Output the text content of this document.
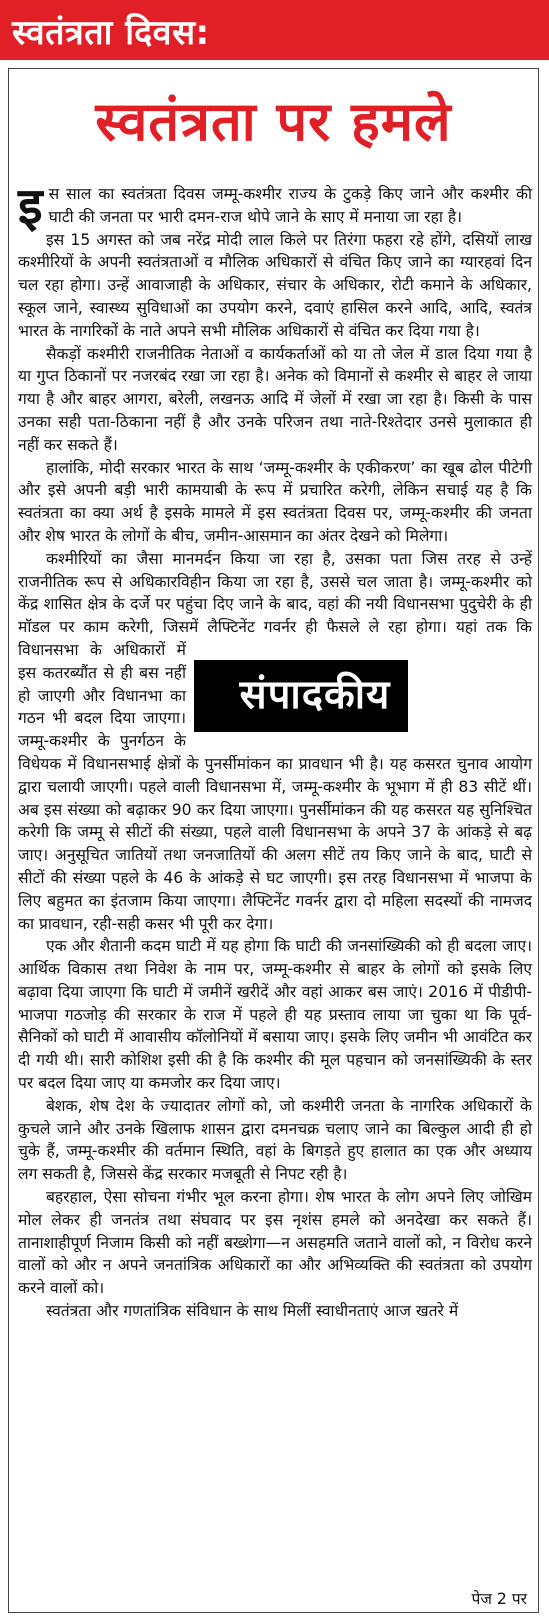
स्वतंत्रता दिवस:
स्वतंत्रता पर हमले

इस साल का स्वतंत्रता दिवस जम्मू-कश्मीर राज्य के टुकड़े किए जाने और कश्मीर की घाटी की जनता पर भारी दमन-राज थोपे जाने के साए में मनाया जा रहा है।

इस 15 अगस्त को जब नरेंद्र मोदी लाल किले पर तिरंगा फहरा रहे होंगे, दसियों लाख कश्मीरियों के अपनी स्वतंत्रताओं व मौलिक अधिकारों से वंचित किए जाने का ग्यारहवां दिन चल रहा होगा। उन्हें आवाजाही के अधिकार, संचार के अधिकार, रोटी कमाने के अधिकार, स्कूल जाने, स्वास्थ्य सुविधाओं का उपयोग करने, दवाएं हासिल करने आदि, आदि, स्वतंत्र भारत के नागरिकों के नाते अपने सभी मौलिक अधिकारों से वंचित कर दिया गया है।

सैकड़ों कश्मीरी राजनीतिक नेताओं व कार्यकर्ताओं को या तो जेल में डाल दिया गया है या गुप्त ठिकानों पर नजरबंद रखा जा रहा है। अनेक को विमानों से कश्मीर से बाहर ले जाया गया है और बाहर आगरा, बरेली, लखनऊ आदि में जेलों में रखा जा रहा है। किसी के पास उनका सही पता-ठिकाना नहीं है और उनके परिजन तथा नाते-रिश्तेदार उनसे मुलाकात ही नहीं कर सकते हैं।

हालांकि, मोदी सरकार भारत के साथ ‘जम्मू-कश्मीर के एकीकरण’ का खूब ढोल पीटेगी और इसे अपनी बड़ी भारी कामयाबी के रूप में प्रचारित करेगी, लेकिन सचाई यह है कि स्वतंत्रता का क्या अर्थ है इसके मामले में इस स्वतंत्रता दिवस पर, जम्मू-कश्मीर की जनता और शेष भारत के लोगों के बीच, जमीन-आसमान का अंतर देखने को मिलेगा।

संपादकीय
कश्मीरियों का जैसा मानमर्दन किया जा रहा है, उसका पता जिस तरह से उन्हें राजनीतिक रूप से अधिकारविहीन किया जा रहा है, उससे चल जाता है। जम्मू-कश्मीर को केंद्र शासित क्षेत्र के दर्जे पर पहुंचा दिए जाने के बाद, वहां की नयी विधानसभा पुदुचेरी के ही मॉडल पर काम करेगी, जिसमें लैफ्टिनेंट गवर्नर ही फैसले ले रहा होगा। यहां तक कि विधानसभा के अधिकारों में इस कतरब्यौंत से ही बस नहीं हो जाएगी और विधानभा का गठन भी बदल दिया जाएगा। जम्मू-कश्मीर के पुनर्गठन के विधेयक में विधानसभाई क्षेत्रों के पुनर्सीमांकन का प्रावधान भी है। यह कसरत चुनाव आयोग द्वारा चलायी जाएगी। पहले वाली विधानसभा में, जम्मू-कश्मीर के भूभाग में ही 83 सीटें थीं। अब इस संख्या को बढ़ाकर 90 कर दिया जाएगा। पुनर्सीमांकन की यह कसरत यह सुनिश्चित करेगी कि जम्मू से सीटों की संख्या, पहले वाली विधानसभा के अपने 37 के आंकड़े से बढ़ जाए। अनुसूचित जातियों तथा जनजातियों की अलग सीटें तय किए जाने के बाद, घाटी से सीटों की संख्या पहले के 46 के आंकड़े से घट जाएगी। इस तरह विधानसभा में भाजपा के लिए बहुमत का इंतजाम किया जाएगा। लैफ्टिनेंट गवर्नर द्वारा दो महिला सदस्यों की नामजद का प्रावधान, रही-सही कसर भी पूरी कर देगा।

एक और शैतानी कदम घाटी में यह होगा कि घाटी की जनसांख्यिकी को ही बदला जाए। आर्थिक विकास तथा निवेश के नाम पर, जम्मू-कश्मीर से बाहर के लोगों को इसके लिए बढ़ावा दिया जाएगा कि घाटी में जमीनें खरीदें और वहां आकर बस जाएं। 2016 में पीडीपी-भाजपा गठजोड़ की सरकार के राज में पहले ही यह प्रस्ताव लाया जा चुका था कि पूर्व-सैनिकों को घाटी में आवासीय कॉलोनियों में बसाया जाए। इसके लिए जमीन भी आवंटित कर दी गयी थी। सारी कोशिश इसी की है कि कश्मीर की मूल पहचान को जनसांख्यिकी के स्तर पर बदल दिया जाए या कमजोर कर दिया जाए।

बेशक, शेष देश के ज्यादातर लोगों को, जो कश्मीरी जनता के नागरिक अधिकारों के कुचले जाने और उनके खिलाफ शासन द्वारा दमनचक्र चलाए जाने का बिल्कुल आदी ही हो चुके हैं, जम्मू-कश्मीर की वर्तमान स्थिति, वहां के बिगड़ते हुए हालात का एक और अध्याय लग सकती है, जिससे केंद्र सरकार मजबूती से निपट रही है।

बहरहाल, ऐसा सोचना गंभीर भूल करना होगा। शेष भारत के लोग अपने लिए जोखिम मोल लेकर ही जनतंत्र तथा संघवाद पर इस नृशंस हमले को अनदेखा कर सकते हैं। तानाशाहीपूर्ण निजाम किसी को नहीं बख्शेगा—न असहमति जताने वालों को, न विरोध करने वालों को और न अपने जनतांत्रिक अधिकारों का और अभिव्यक्ति की स्वतंत्रता को उपयोग करने वालों को।

स्वतंत्रता और गणतांत्रिक संविधान के साथ मिलीं स्वाधीनताएं आज खतरे में

पेज 2 पर
